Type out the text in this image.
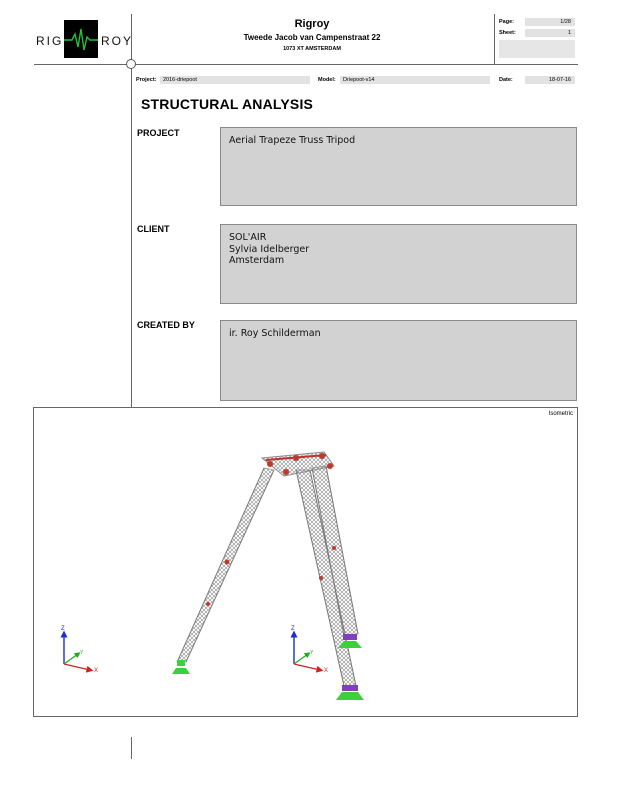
RIG	ROY
Rigroy
Tweede Jacob van Campenstraat 22
1073 XT AMSTERDAM
Page:	1/28
Sheet:	1
Project:	2016-driepoot	Model:	Driepoot-v14	Date:	18-07-16
STRUCTURAL ANALYSIS
PROJECT
Aerial Trapeze Truss Tripod
CLIENT
SOL'AIR
Sylvia Idelberger
Amsterdam
CREATED BY
ir. Roy Schilderman
Isometric
Z
X
Y
Z
X
Y
